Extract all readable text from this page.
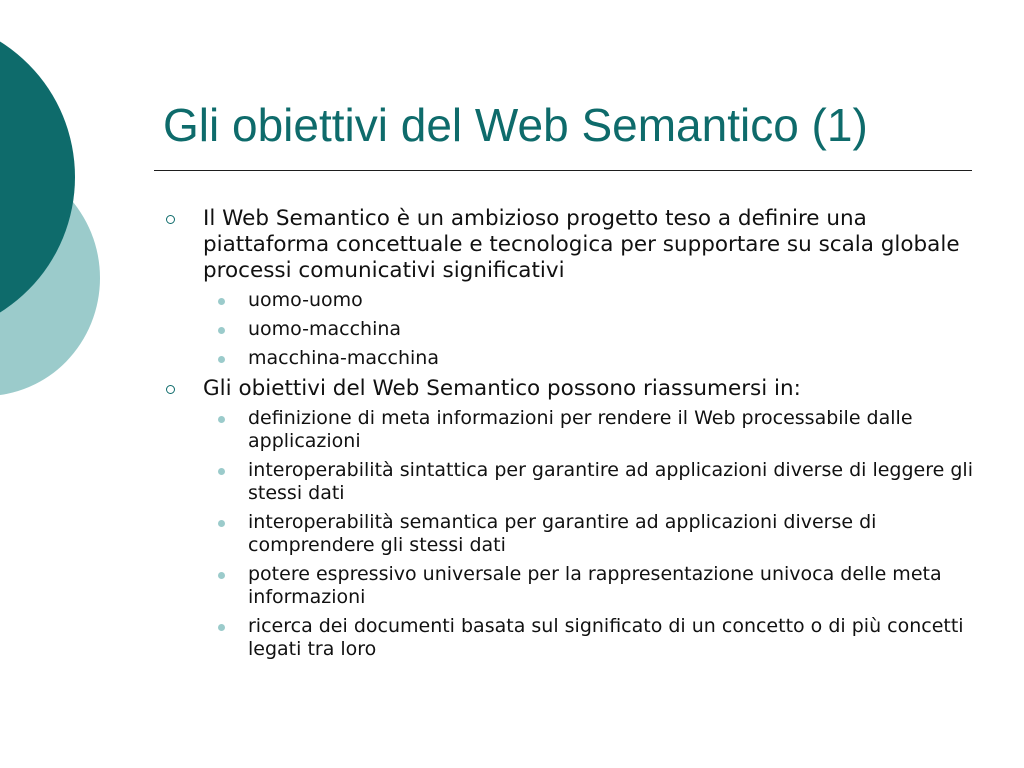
Gli obiettivi del Web Semantico (1)
Il Web Semantico è un ambizioso progetto teso a definire una piattaforma concettuale e tecnologica per supportare su scala globale processi comunicativi significativi
uomo-uomo
uomo-macchina
macchina-macchina
Gli obiettivi del Web Semantico possono riassumersi in:
definizione di meta informazioni per rendere il Web processabile dalle applicazioni
interoperabilità sintattica per garantire ad applicazioni diverse di leggere gli stessi dati
interoperabilità semantica per garantire ad applicazioni diverse di comprendere gli stessi dati
potere espressivo universale per la rappresentazione univoca delle meta informazioni
ricerca dei documenti basata sul significato di un concetto o di più concetti legati tra loro
